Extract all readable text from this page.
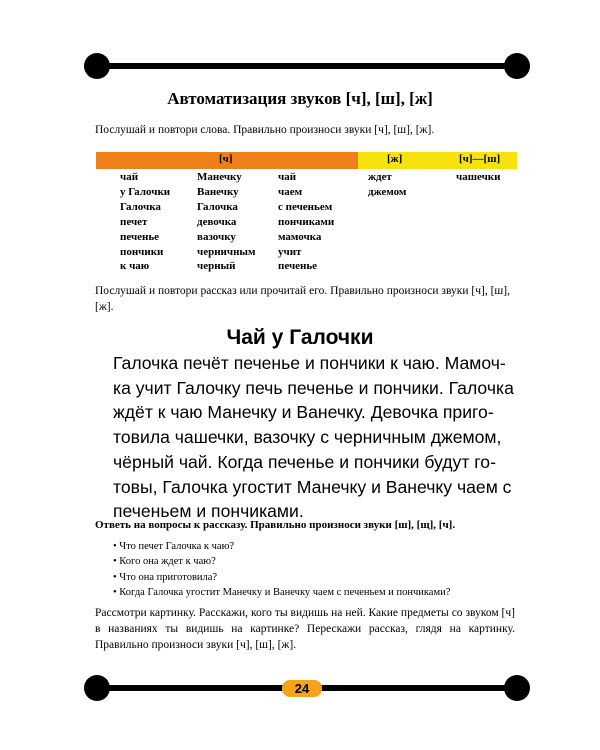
Автоматизация звуков [ч], [ш], [ж]
Послушай и повтори слова. Правильно произноси звуки [ч], [ш], [ж].
[ч]	[ж]	[ч]—[ш]
чай
у Галочки
Галочка
печет
печенье
пончики
к чаю
Манечку
Ванечку
Галочка
девочка
вазочку
черничным
черный
чай
чаем
с печеньем
пончиками
мамочка
учит
печенье
ждет
джемом
чашечки
Послушай и повтори рассказ или прочитай его. Правильно произноси звуки [ч], [ш], [ж].
Чай у Галочки
Галочка печёт печенье и пончики к чаю. Мамоч-
ка учит Галочку печь печенье и пончики. Галочка
ждёт к чаю Манечку и Ванечку. Девочка приго-
товила чашечки, вазочку с черничным джемом,
чёрный чай. Когда печенье и пончики будут го-
товы, Галочка угостит Манечку и Ванечку чаем с
печеньем и пончиками.
Ответь на вопросы к рассказу. Правильно произноси звуки [ш], [щ], [ч].
• Что печет Галочка к чаю?
• Кого она ждет к чаю?
• Что она приготовила?
• Когда Галочка угостит Манечку и Ванечку чаем с печеньем и пончиками?
Рассмотри картинку. Расскажи, кого ты видишь на ней. Какие предметы со звуком [ч] в названиях ты видишь на картинке? Перескажи рассказ, глядя на картинку. Правильно произноси звуки [ч], [ш], [ж].
24
